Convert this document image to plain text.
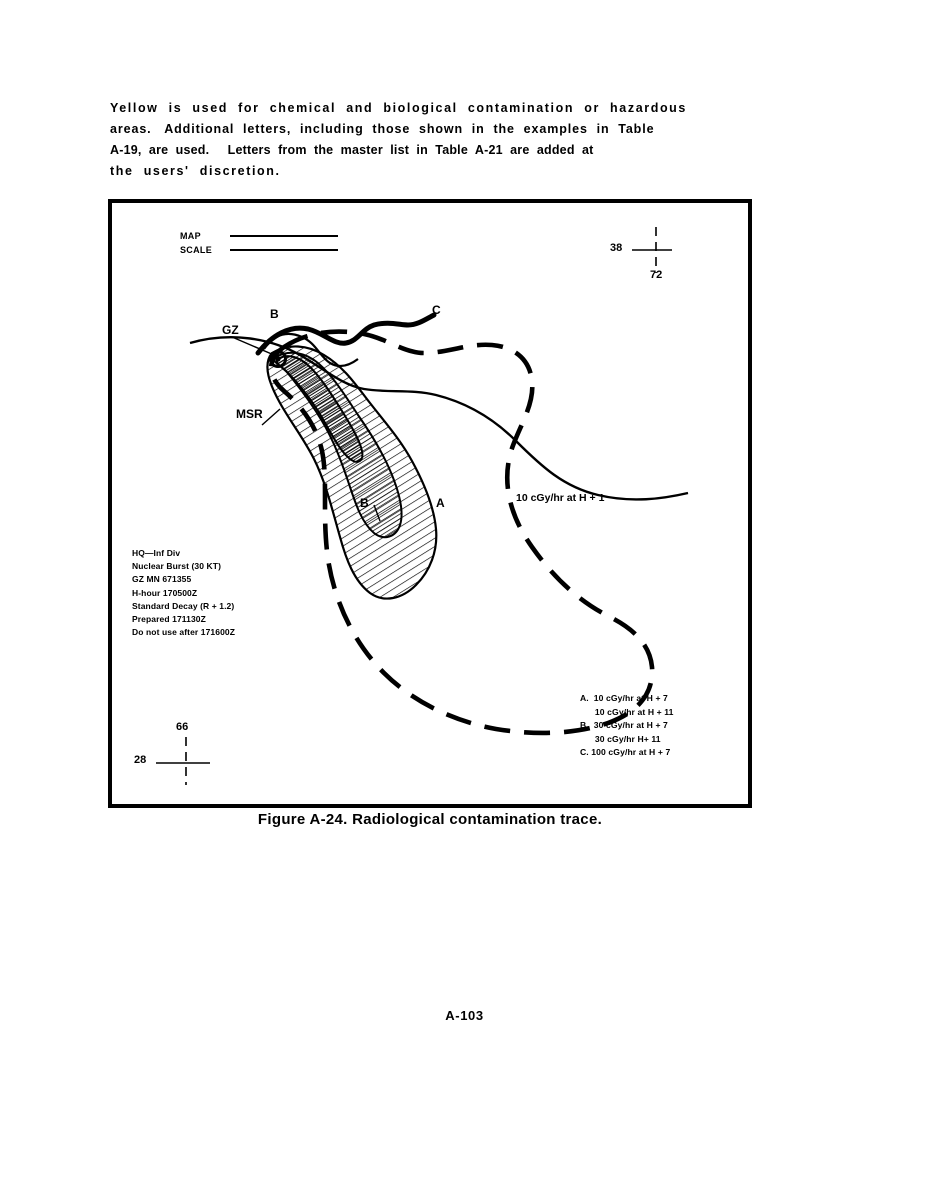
Yellow  is  used  for  chemical  and  biological  contamination  or  hazardous
areas.   Additional  letters,  including  those  shown  in  the  examples  in  Table
A-19,  are  used.     Letters  from  the  master  list  in  Table  A-21  are  added  at
the  users'  discretion.
MAP
SCALE	38
72
66
28
GZ
MSR
B	C
B	A	10 cGy/hr at H + 1
HQ—Inf Div
Nuclear Burst (30 KT)
GZ MN 671355
H-hour 170500Z
Standard Decay (R + 1.2)
Prepared 171130Z
Do not use after 171600Z
A.  10 cGy/hr at H + 7
10 cGy/hr at H + 11
B.  30 cGy/hr at H + 7
30 cGy/hr H+ 11
C. 100 cGy/hr at H + 7
Figure A-24. Radiological contamination trace.
A-103
